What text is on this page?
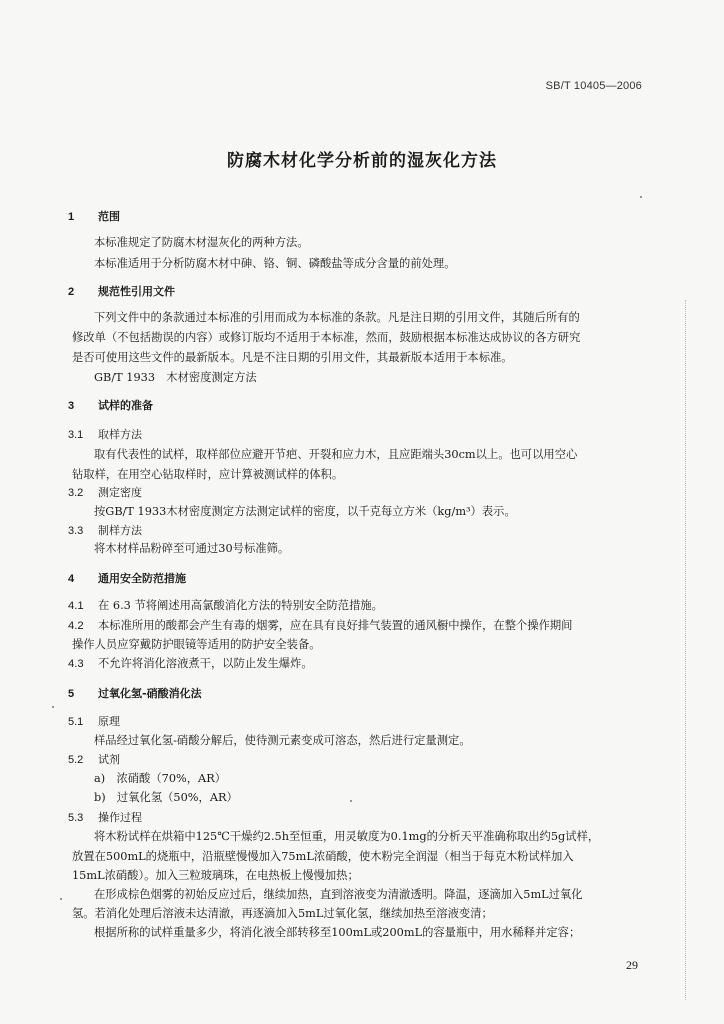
SB/T 10405—2006
防腐木材化学分析前的湿灰化方法
1 范围
本标准规定了防腐木材湿灰化的两种方法。
本标准适用于分析防腐木材中砷、铬、铜、磷酸盐等成分含量的前处理。
2 规范性引用文件
下列文件中的条款通过本标准的引用而成为本标准的条款。凡是注日期的引用文件，其随后所有的
修改单（不包括勘误的内容）或修订版均不适用于本标准，然而，鼓励根据本标准达成协议的各方研究
是否可使用这些文件的最新版本。凡是不注日期的引用文件，其最新版本适用于本标准。
GB/T 1933　木材密度测定方法
3 试样的准备
3.1 取样方法
取有代表性的试样，取样部位应避开节疤、开裂和应力木，且应距端头30cm以上。也可以用空心
钻取样，在用空心钻取样时，应计算被测试样的体积。
3.2 测定密度
按GB/T 1933木材密度测定方法测定试样的密度，以千克每立方米（kg/m³）表示。
3.3 制样方法
将木材样品粉碎至可通过30号标准筛。
4 通用安全防范措施
4.1 在 6.3 节将阐述用高氯酸消化方法的特别安全防范措施。
4.2 本标准所用的酸都会产生有毒的烟雾，应在具有良好排气装置的通风橱中操作，在整个操作期间
操作人员应穿戴防护眼镜等适用的防护安全装备。
4.3 不允许将消化溶液煮干，以防止发生爆炸。
5 过氧化氢-硝酸消化法
5.1 原理
样品经过氧化氢-硝酸分解后，使待测元素变成可溶态，然后进行定量测定。
5.2 试剂
a)　浓硝酸（70%，AR）
b)　过氧化氢（50%，AR）
5.3 操作过程
将木粉试样在烘箱中125℃干燥约2.5h至恒重，用灵敏度为0.1mg的分析天平准确称取出约5g试样，
放置在500mL的烧瓶中，沿瓶壁慢慢加入75mL浓硝酸，使木粉完全润湿（相当于每克木粉试样加入
15mL浓硝酸）。加入三粒玻璃珠，在电热板上慢慢加热；
在形成棕色烟雾的初始反应过后，继续加热，直到溶液变为清澈透明。降温，逐滴加入5mL过氧化
氢。若消化处理后溶液未达清澈，再逐滴加入5mL过氧化氢，继续加热至溶液变清；
根据所称的试样重量多少，将消化液全部转移至100mL或200mL的容量瓶中，用水稀释并定容；
29
